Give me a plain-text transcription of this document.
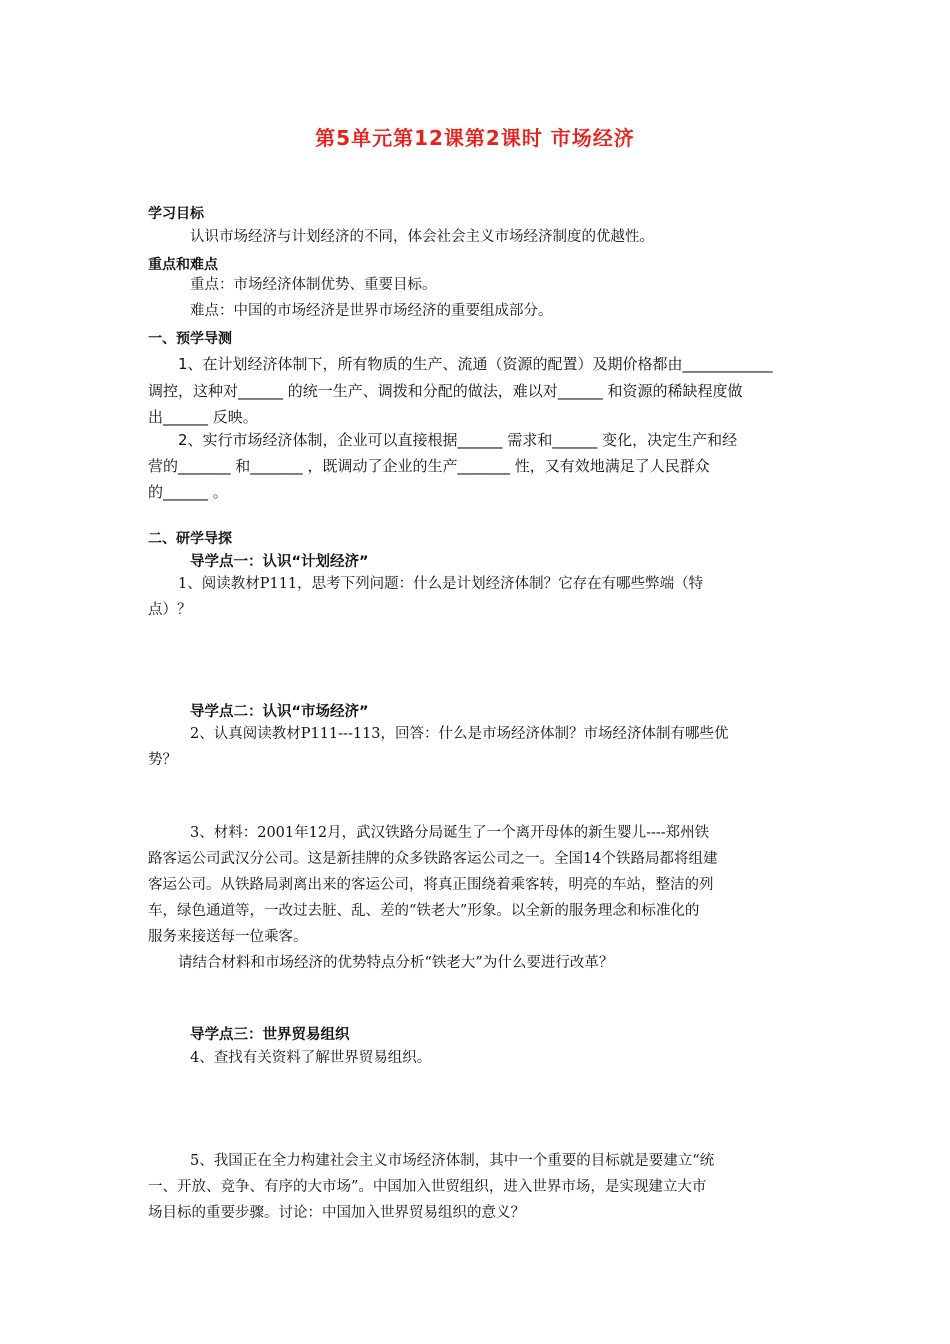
第5单元第12课第2课时 市场经济
学习目标
认识市场经济与计划经济的不同，体会社会主义市场经济制度的优越性。
重点和难点
重点：市场经济体制优势、重要目标。
难点：中国的市场经济是世界市场经济的重要组成部分。
一、预学导测
1、在计划经济体制下，所有物质的生产、流通（资源的配置）及期价格都由____________
调控，这种对______ 的统一生产、调拨和分配的做法，难以对______ 和资源的稀缺程度做
出______ 反映。
2、实行市场经济体制，企业可以直接根据______ 需求和______ 变化，决定生产和经
营的_______ 和_______ ，既调动了企业的生产_______ 性，又有效地满足了人民群众
的______ 。
二、研学导探
导学点一：认识“计划经济”
1、阅读教材P111，思考下列问题：什么是计划经济体制？它存在有哪些弊端（特
点）？
导学点二：认识“市场经济”
2、认真阅读教材P111---113，回答：什么是市场经济体制？市场经济体制有哪些优
势？
3、材料：2001年12月，武汉铁路分局诞生了一个离开母体的新生婴儿----郑州铁
路客运公司武汉分公司。这是新挂牌的众多铁路客运公司之一。全国14个铁路局都将组建
客运公司。从铁路局剥离出来的客运公司，将真正围绕着乘客转，明亮的车站，整洁的列
车，绿色通道等，一改过去脏、乱、差的“铁老大”形象。以全新的服务理念和标准化的
服务来接送每一位乘客。
请结合材料和市场经济的优势特点分析“铁老大”为什么要进行改革？
导学点三：世界贸易组织
4、查找有关资料了解世界贸易组织。
5、我国正在全力构建社会主义市场经济体制，其中一个重要的目标就是要建立“统
一、开放、竞争、有序的大市场”。中国加入世贸组织，进入世界市场，是实现建立大市
场目标的重要步骤。讨论：中国加入世界贸易组织的意义？
